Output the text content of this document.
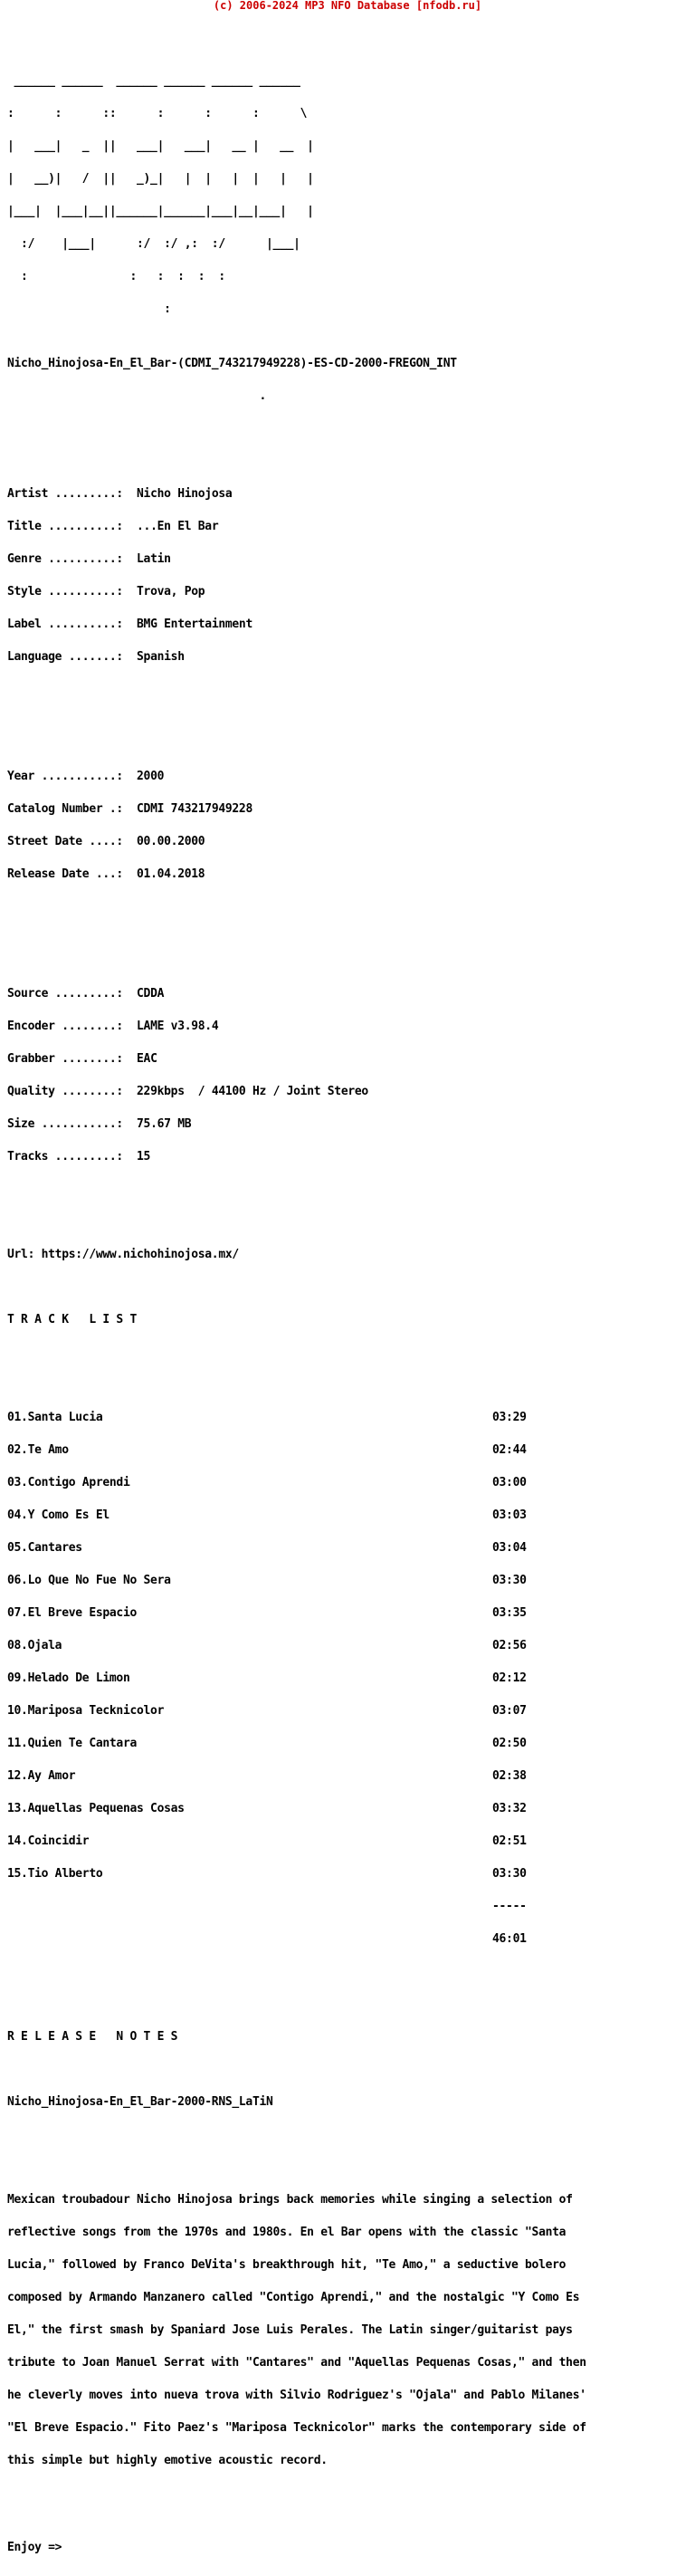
(c) 2006-2024 MP3 NFO Database [nfodb.ru]

______ ______  ______ ______ ______ ______

:      :      ::      :      :      :      \

|   ___|   _  ||   ___|   ___|   __ |   __  |

|   __)|   /  ||   _)_|   |  |   |  |   |   |

|___|  |___|__||______|______|___|__|___|   |

:/    |___|      :/  :/ ,:  :/      |___|

:               :   :  :  :  :

:

Nicho_Hinojosa-En_El_Bar-(CDMI_743217949228)-ES-CD-2000-FREGON_INT

.

Artist .........: Nicho Hinojosa

Title ..........: ...En El Bar

Genre ..........: Latin

Style ..........: Trova, Pop

Label ..........: BMG Entertainment

Language .......: Spanish

Year ...........: 2000

Catalog Number .: CDMI 743217949228

Street Date ....: 00.00.2000

Release Date ...: 01.04.2018

Source .........: CDDA

Encoder ........: LAME v3.98.4

Grabber ........: EAC

Quality ........: 229kbps  / 44100 Hz / Joint Stereo

Size ...........: 75.67 MB

Tracks .........: 15

Url: https://www.nichohinojosa.mx/

T R A C K   L I S T

01.Santa Lucia	03:29

02.Te Amo	02:44

03.Contigo Aprendi	03:00

04.Y Como Es El	03:03

05.Cantares	03:04

06.Lo Que No Fue No Sera	03:30

07.El Breve Espacio	03:35

08.Ojala	02:56

09.Helado De Limon	02:12

10.Mariposa Tecknicolor	03:07

11.Quien Te Cantara	02:50

12.Ay Amor	02:38

13.Aquellas Pequenas Cosas	03:32

14.Coincidir	02:51

15.Tio Alberto	03:30

-----

46:01

R E L E A S E   N O T E S

Nicho_Hinojosa-En_El_Bar-2000-RNS_LaTiN

Mexican troubadour Nicho Hinojosa brings back memories while singing a selection of

reflective songs from the 1970s and 1980s. En el Bar opens with the classic "Santa

Lucia," followed by Franco DeVita's breakthrough hit, "Te Amo," a seductive bolero

composed by Armando Manzanero called "Contigo Aprendi," and the nostalgic "Y Como Es

El," the first smash by Spaniard Jose Luis Perales. The Latin singer/guitarist pays

tribute to Joan Manuel Serrat with "Cantares" and "Aquellas Pequenas Cosas," and then

he cleverly moves into nueva trova with Silvio Rodriguez's "Ojala" and Pablo Milanes'

"El Breve Espacio." Fito Paez's "Mariposa Tecknicolor" marks the contemporary side of

this simple but highly emotive acoustic record.

Enjoy =>
